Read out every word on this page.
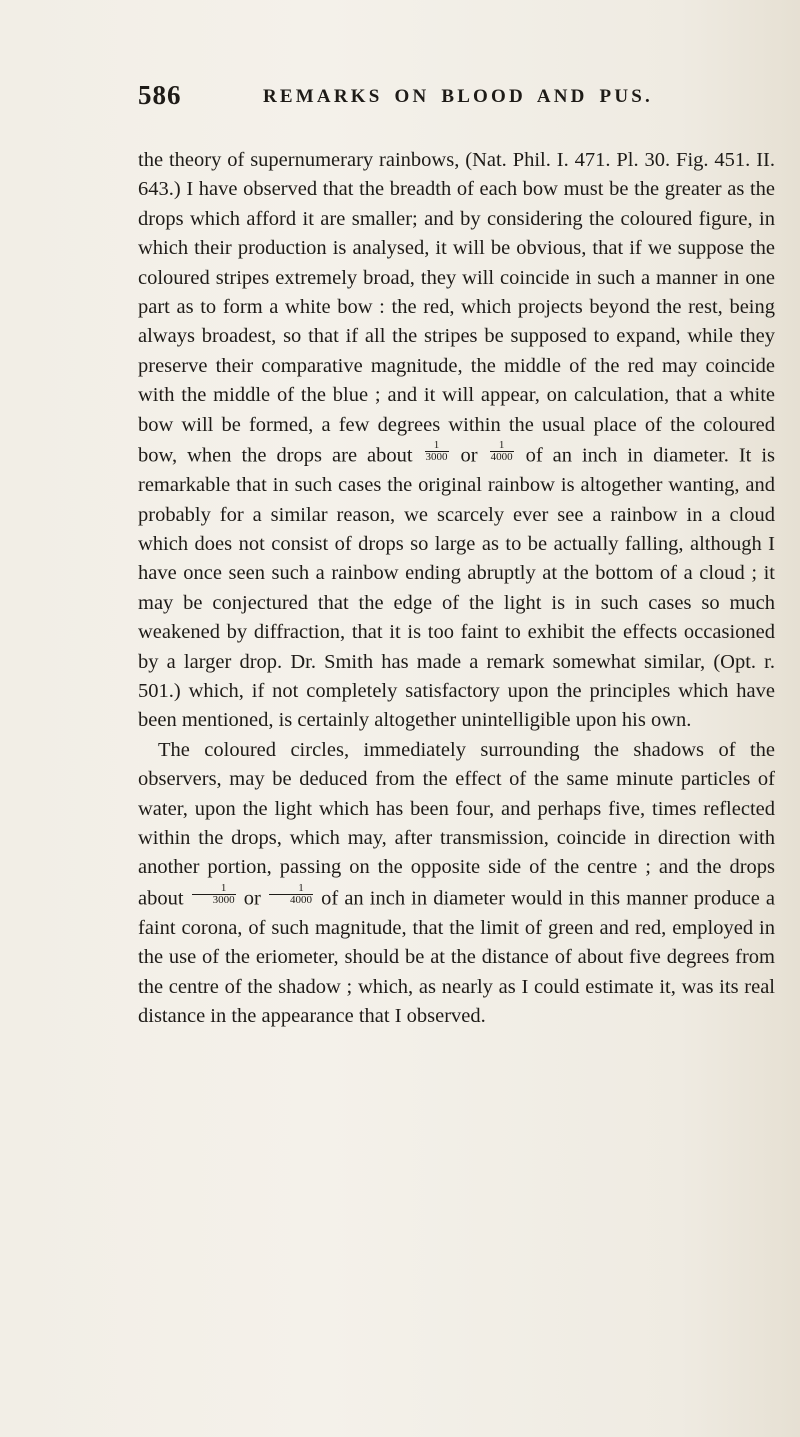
586	REMARKS ON BLOOD AND PUS.

the theory of supernumerary rainbows, (Nat. Phil. I. 471. Pl. 30. Fig. 451. II. 643.) I have observed that the breadth of each bow must be the greater as the drops which afford it are smaller; and by considering the coloured figure, in which their production is analysed, it will be obvious, that if we suppose the coloured stripes extremely broad, they will coincide in such a manner in one part as to form a white bow : the red, which projects beyond the rest, being always broadest, so that if all the stripes be supposed to expand, while they preserve their comparative magnitude, the middle of the red may coincide with the middle of the blue ; and it will appear, on calculation, that a white bow will be formed, a few degrees within the usual place of the coloured bow, when the drops are about $\frac{1}{3000}$ or $\frac{1}{4000}$ of an inch in diameter. It is remarkable that in such cases the original rainbow is altogether wanting, and probably for a similar reason, we scarcely ever see a rainbow in a cloud which does not consist of drops so large as to be actually falling, although I have once seen such a rainbow ending abruptly at the bottom of a cloud ; it may be conjectured that the edge of the light is in such cases so much weakened by diffraction, that it is too faint to exhibit the effects occasioned by a larger drop. Dr. Smith has made a remark somewhat similar, (Opt. r. 501.) which, if not completely satisfactory upon the principles which have been mentioned, is certainly altogether unintelligible upon his own.

The coloured circles, immediately surrounding the shadows of the observers, may be deduced from the effect of the same minute particles of water, upon the light which has been four, and perhaps five, times reflected within the drops, which may, after transmission, coincide in direction with another portion, passing on the opposite side of the centre ; and the drops about $\frac{1}{3000}$ or $\frac{1}{4000}$ of an inch in diameter would in this manner produce a faint corona, of such magnitude, that the limit of green and red, employed in the use of the eriometer, should be at the distance of about five degrees from the centre of the shadow ; which, as nearly as I could estimate it, was its real distance in the appearance that I observed.
